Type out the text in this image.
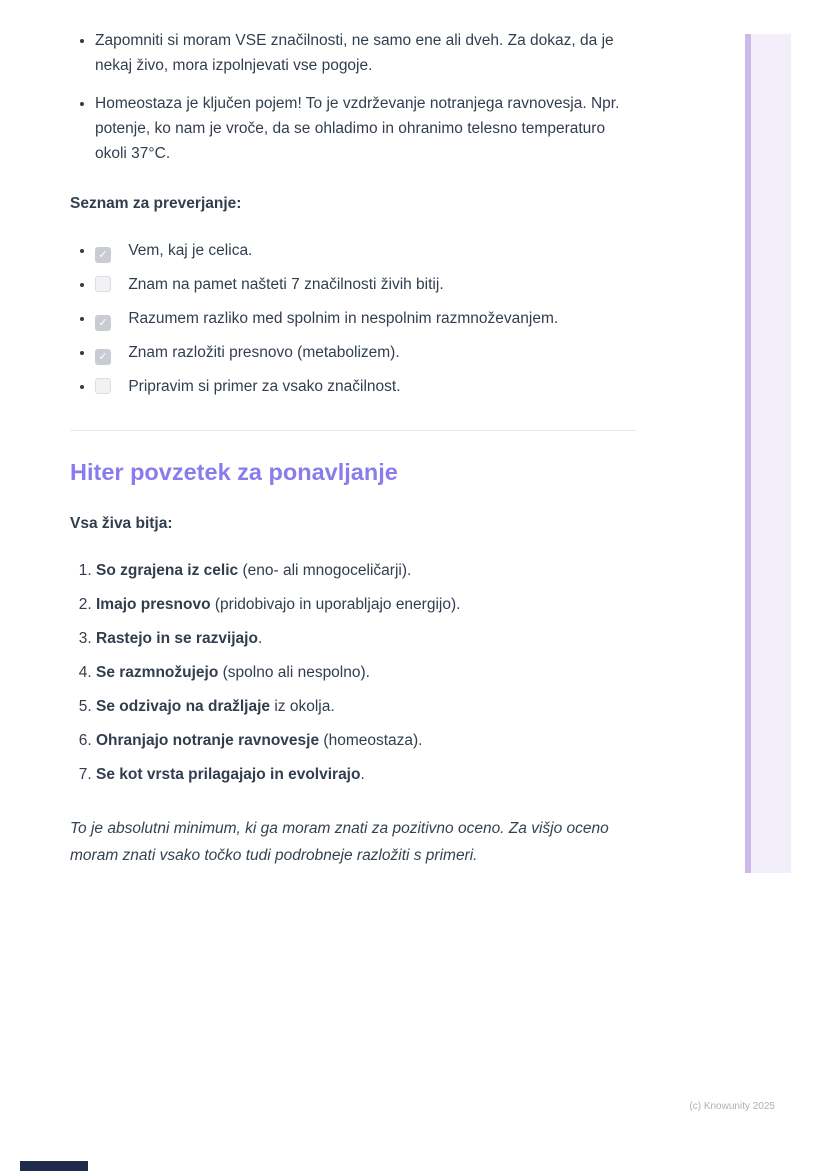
• Zapomniti si moram VSE značilnosti, ne samo ene ali dveh. Za dokaz, da je nekaj živo, mora izpolnjevati vse pogoje.
• Homeostaza je ključen pojem! To je vzdrževanje notranjega ravnovesja. Npr. potenje, ko nam je vroče, da se ohladimo in ohranimo telesno temperaturo okoli 37°C.

Seznam za preverjanje:

✓ • Vem, kaj je celica.
• Znam na pamet našteti 7 značilnosti živih bitij.
✓ • Razumem razliko med spolnim in nespolnim razmnoževanjem.
✓ • Znam razložiti presnovo (metabolizem).
• Pripravim si primer za vsako značilnost.
Hiter povzetek za ponavljanje

Vsa živa bitja:

1. So zgrajena iz celic (eno- ali mnogoceličarji).
2. Imajo presnovo (pridobivajo in uporabljajo energijo).
3. Rastejo in se razvijajo.
4. Se razmnožujejo (spolno ali nespolno).
5. Se odzivajo na dražljaje iz okolja.
6. Ohranjajo notranje ravnovesje (homeostaza).
7. Se kot vrsta prilagajajo in evolvirajo.

To je absolutni minimum, ki ga moram znati za pozitivno oceno. Za višjo oceno moram znati vsako točko tudi podrobneje razložiti s primeri.

(c) Knowunity 2025
